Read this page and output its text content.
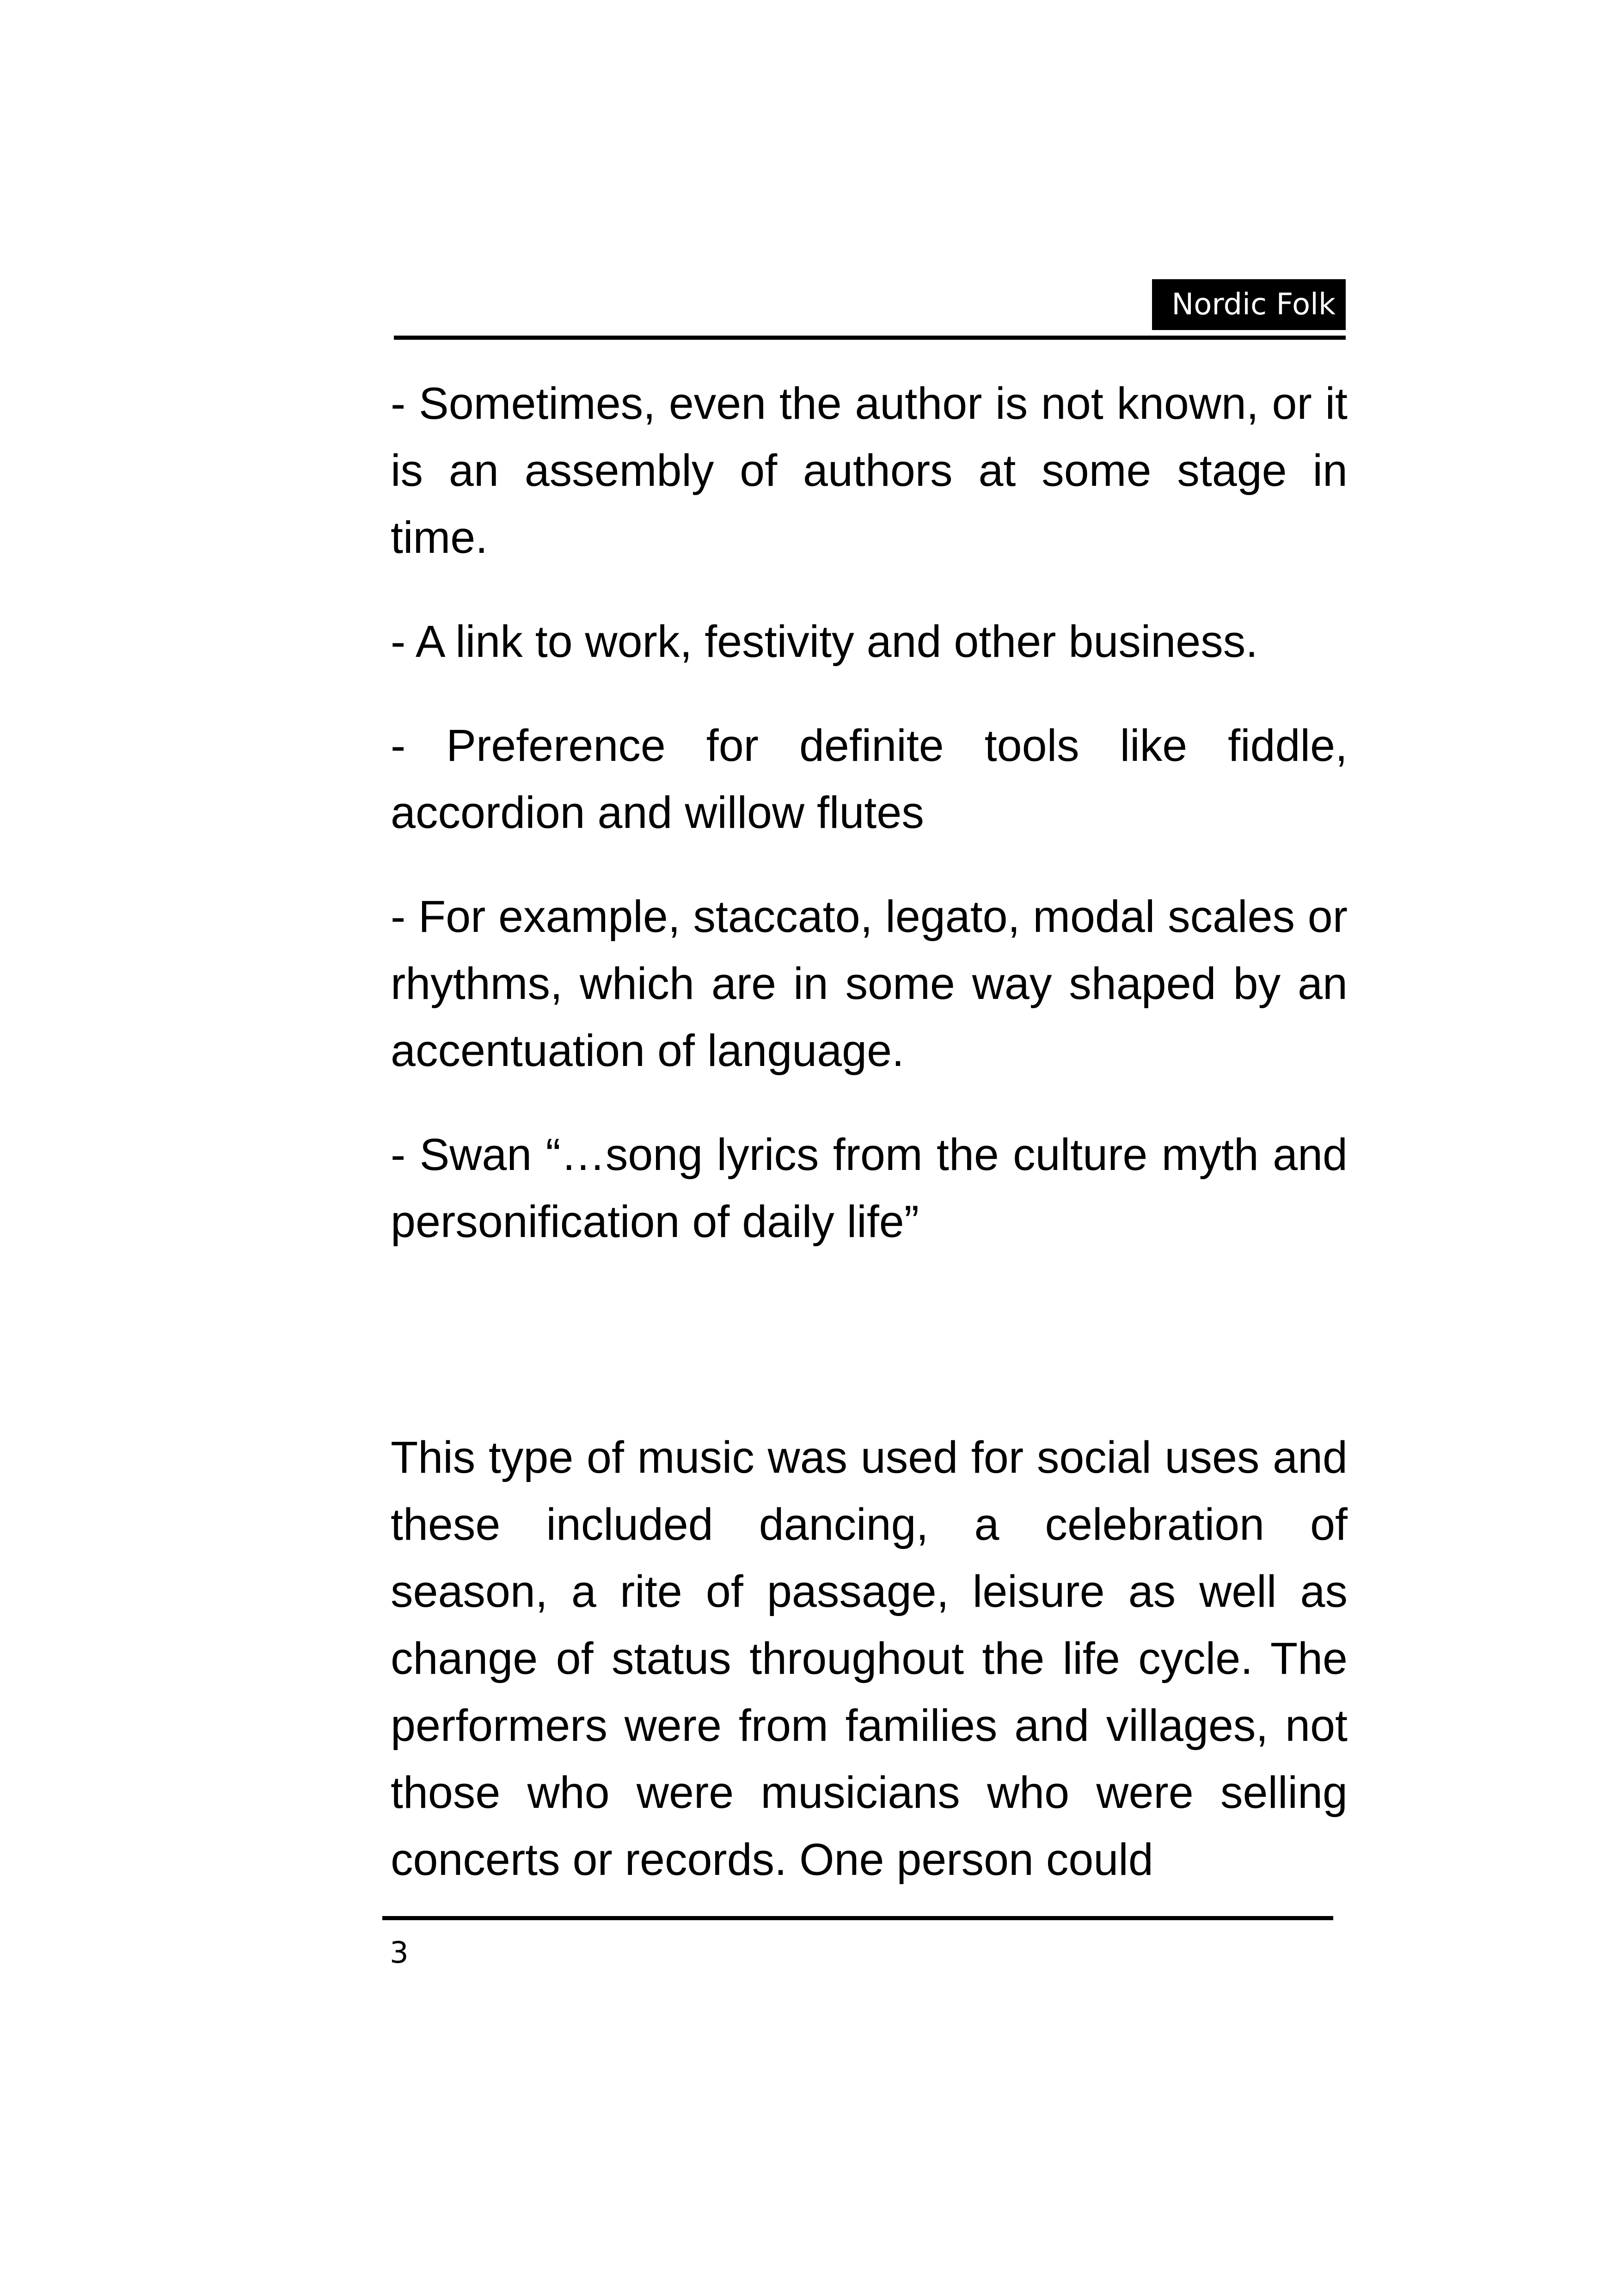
Nordic Folk

- Sometimes, even the author is not known, or it is an assembly of authors at some stage in time.

- A link to work, festivity and other business.

- Preference for definite tools like fiddle, accordion and willow flutes

- For example, staccato, legato, modal scales or rhythms, which are in some way shaped by an accentuation of language.

- Swan “…song lyrics from the culture myth and personification of daily life”

This type of music was used for social uses and these included dancing, a celebration of season, a rite of passage, leisure as well as change of status throughout the life cycle. The performers were from families and villages, not those who were musicians who were selling concerts or records. One person could

3
